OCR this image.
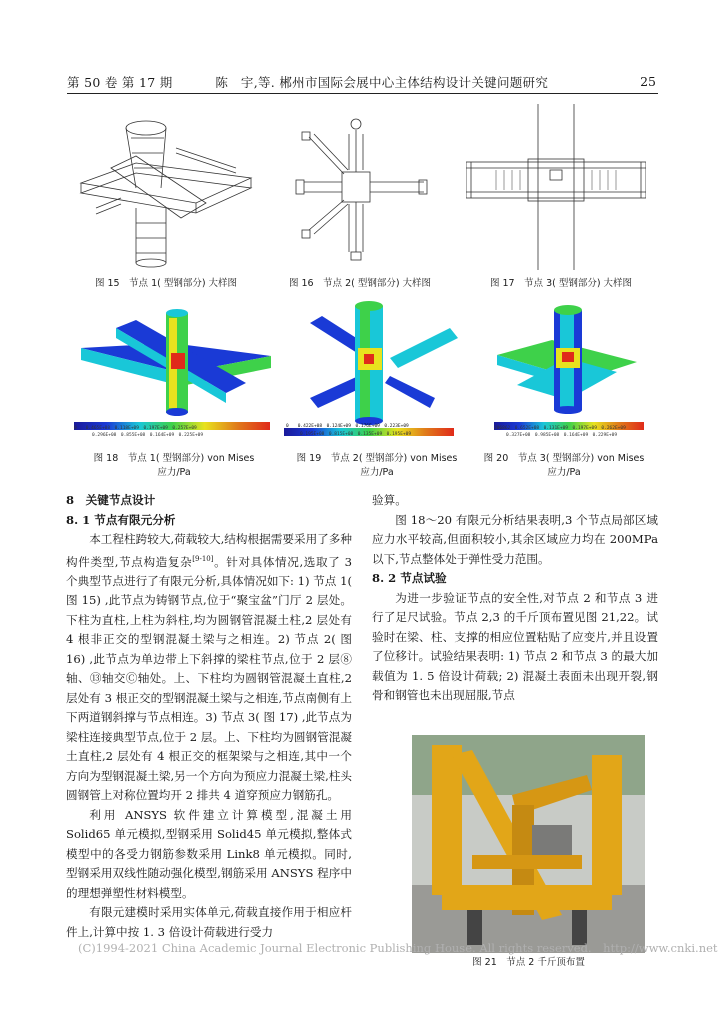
第 50 卷 第 17 期	陈　宇,等. 郴州市国际会展中心主体结构设计关键问题研究	25
图 15　节点 1( 型钢部分) 大样图	图 16　节点 2( 型钢部分) 大样图	图 17　节点 3( 型钢部分) 大样图
0　　0.465E+08　0.118E+09　0.197E+09　0.257E+09
0.296E+08　0.855E+08　0.164E+09　0.225E+09
图 18　节点 1( 型钢部分) von Mises
应力/Pa
0　　0.422E+08　0.124E+09　0.176E+09　0.223E+09
0.195E+08　0.815E+08　0.135E+09　0.195E+09
图 19　节点 2( 型钢部分) von Mises
应力/Pa
206862　0.652E+08　0.131E+09　0.197E+09　0.262E+09
0.327E+08　0.985E+08　0.164E+09　0.229E+09
图 20　节点 3( 型钢部分) von Mises
应力/Pa

8　关键节点设计

8. 1 节点有限元分析

本工程柱跨较大,荷载较大,结构根据需要采用了多种构件类型,节点构造复杂[9-10]。针对具体情况,选取了 3 个典型节点进行了有限元分析,具体情况如下: 1) 节点 1( 图 15) ,此节点为铸钢节点,位于“聚宝盆”门厅 2 层处。下柱为直柱,上柱为斜柱,均为圆钢管混凝土柱,2 层处有 4 根非正交的型钢混凝土梁与之相连。2) 节点 2( 图 16) ,此节点为单边带上下斜撑的梁柱节点,位于 2 层⑧轴、⑬轴交Ⓒ轴处。上、下柱均为圆钢管混凝土直柱,2 层处有 3 根正交的型钢混凝土梁与之相连,节点南侧有上下两道钢斜撑与节点相连。3) 节点 3( 图 17) ,此节点为梁柱连接典型节点,位于 2 层。上、下柱均为圆钢管混凝土直柱,2 层处有 4 根正交的框架梁与之相连,其中一个方向为型钢混凝土梁,另一个方向为预应力混凝土梁,柱头圆钢管上对称位置均开 2 排共 4 道穿预应力钢筋孔。

利用 ANSYS 软件建立计算模型,混凝土用 Solid65 单元模拟,型钢采用 Solid45 单元模拟,整体式模型中的各受力钢筋参数采用 Link8 单元模拟。同时,型钢采用双线性随动强化模型,钢筋采用 ANSYS 程序中的理想弹塑性材料模型。

有限元建模时采用实体单元,荷载直接作用于相应杆件上,计算中按 1. 3 倍设计荷载进行受力

验算。

图 18～20 有限元分析结果表明,3 个节点局部区域应力水平较高,但面积较小,其余区域应力均在 200MPa 以下,节点整体处于弹性受力范围。

8. 2 节点试验

为进一步验证节点的安全性,对节点 2 和节点 3 进行了足尺试验。节点 2,3 的千斤顶布置见图 21,22。试验时在梁、柱、支撑的相应位置粘贴了应变片,并且设置了位移计。试验结果表明: 1) 节点 2 和节点 3 的最大加载值为 1. 5 倍设计荷载; 2) 混凝土表面未出现开裂,钢骨和钢管也未出现屈服,节点

图 21　节点 2 千斤顶布置
(C)1994-2021 China Academic Journal Electronic Publishing House. All rights reserved.　http://www.cnki.net
